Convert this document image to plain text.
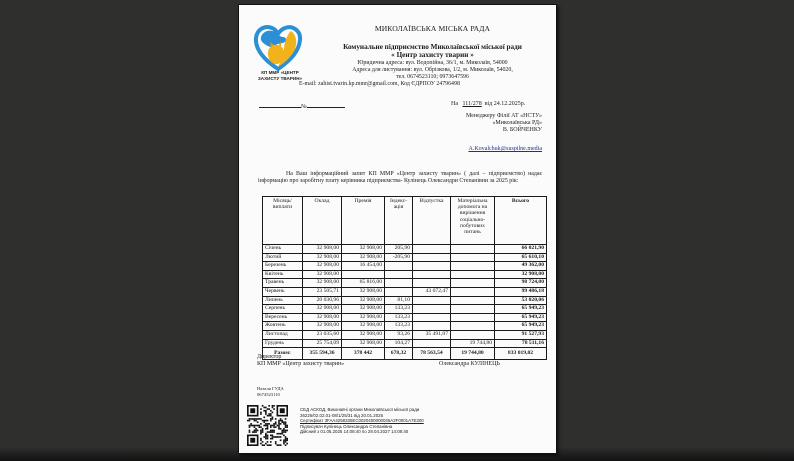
КП ММР «ЦЕНТР
ЗАХИСТУ ТВАРИН»
МИКОЛАЇВСЬКА МІСЬКА РАДА
Комунальне підприємство Миколаївської міської ради
« Центр захисту тварин »
Юридична адреса: вул. Водопійна, 36/1, м. Миколаїв, 54000
Адреса для листування: вул. Обрізкова, 1/2, м. Миколаїв, 54020,
тел. 0674523110; 0973647596
E-mail: zahist.tvarin.kp.mmr@gmail.com, Код ЄДРПОУ 24796498
№	На 111/278 від 24.12.2025р.
Менеджеру Філії АТ «НСТУ»
«Миколаївська РД»
В. БОЙЧЕНКУ
A.Kovalchuk@suspilne.media
На Ваш інформаційний запит КП ММР «Центр захисту тварин» ( далі – підприємство) надає інформацію про заробітну плату керівника підприємства- Кулінець Олександри Степанівни за 2025 рік:
Місяць/ виплати	Оклад	Премія	Індекс-ація	Відпустка	Матеріальна допомога на вирішення соціально-побутових питань	Всього
Січень	32 908,00	32 908,00	205,90			66 021,90
Лютий	32 908,00	32 908,00	-205,90			65 610,10
Березень	32 908,00	16 454,00				49 362,00
Квітень	32 908,00					32 908,00
Травень	32 908,00	65 816,00				98 724,00
Червень	23 505,71	32 908,00		43 072,47		99 486,18
Липень	20 030,96	32 908,00	81,10			53 020,06
Серпень	32 908,00	32 908,00	133,23			65 949,23
Вересень	32 908,00	32 908,00	133,23			65 949,23
Жовтень	32 908,00	32 908,00	133,23			65 949,23
Листопад	23 035,60	32 908,00	93,26	35 491,07		91 527,93
Грудень	25 754,09	32 908,00	104,27		19 744,80	78 511,16
Разом:	355 594,36	378 442	678,32	78 563,54	19 744,80	833 019,02
Директор
КП ММР «Центр захисту тварин»	Олександра КУЛІНЕЦЬ
Наталя ГУДА
0674523110
СЕД АСКОД, Виконавчі органи Миколаївської міської ради
36226/02.02.01-08/1/25/31 від 20.01.2026
Сертифікат 3FAA4258335EC0020400000045A2F0001A7E300
Підписувач Кулінець Олександра Степанівна
Дійсний з 01.05.2025 14:08:40 по 29.04.2027 14:08:40
